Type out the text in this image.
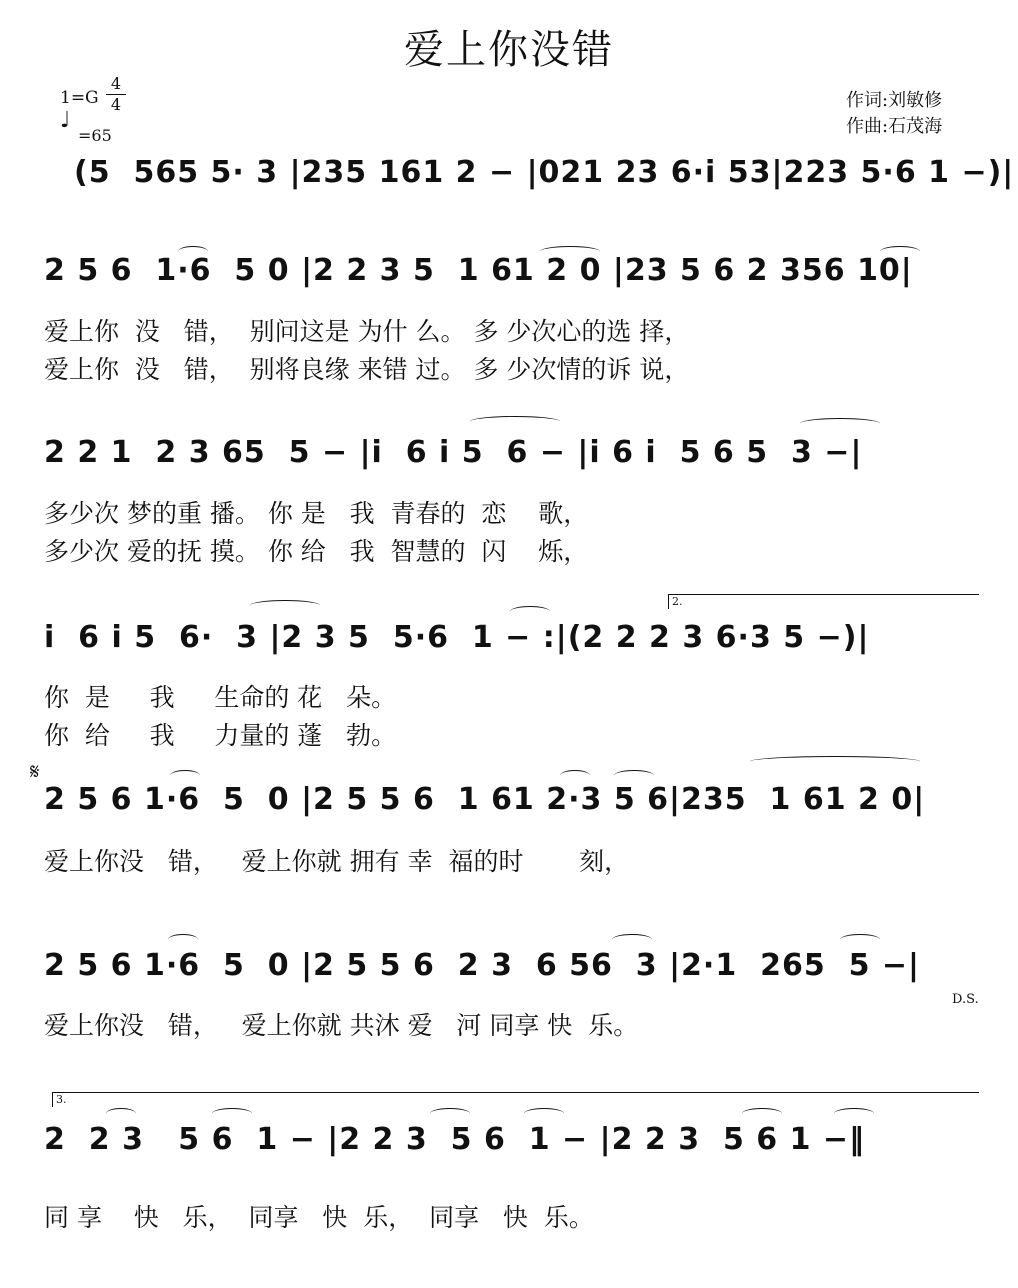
爱上你没错
1=G
4
4
♩
=65
作词:刘敏修
作曲:石茂海
(5  565 5· 3 |235 161 2 − |021 23 6·i 53|223 5·6 1 −)|
2 5 6  1·6  5 0 |2 2 3 5  1 61 2 0 |23 5 6 2 356 10|
爱上你  没   错，  别问这是 为什 么。 多 少次心的选 择，
爱上你  没   错，  别将良缘 来错 过。 多 少次情的诉 说，
2 2 1  2 3 65  5 − |i  6 i 5  6 − |i 6 i  5 6 5  3 −|
多少次 梦的重 播。 你 是   我  青春的  恋    歌，
多少次 爱的抚 摸。 你 给   我  智慧的  闪    烁，
2.
i  6 i 5  6·  3 |2 3 5  5·6  1 − :|(2 2 2 3 6·3 5 −)|
你  是     我     生命的 花   朵。
你  给     我     力量的 蓬   勃。
𝄋
2 5 6 1·6  5  0 |2 5 5 6  1 61 2·3 5 6|235  1 61 2 0|
爱上你没   错，   爱上你就 拥有 幸  福的时       刻，
2 5 6 1·6  5  0 |2 5 5 6  2 3  6 56  3 |2·1  265  5 −|
爱上你没   错，   爱上你就 共沐 爱   河 同享 快  乐。
D.S.
3.
2  2 3   5 6  1 − |2 2 3  5 6  1 − |2 2 3  5 6 1 −‖
同 享    快   乐，  同享   快  乐，  同享   快  乐。
